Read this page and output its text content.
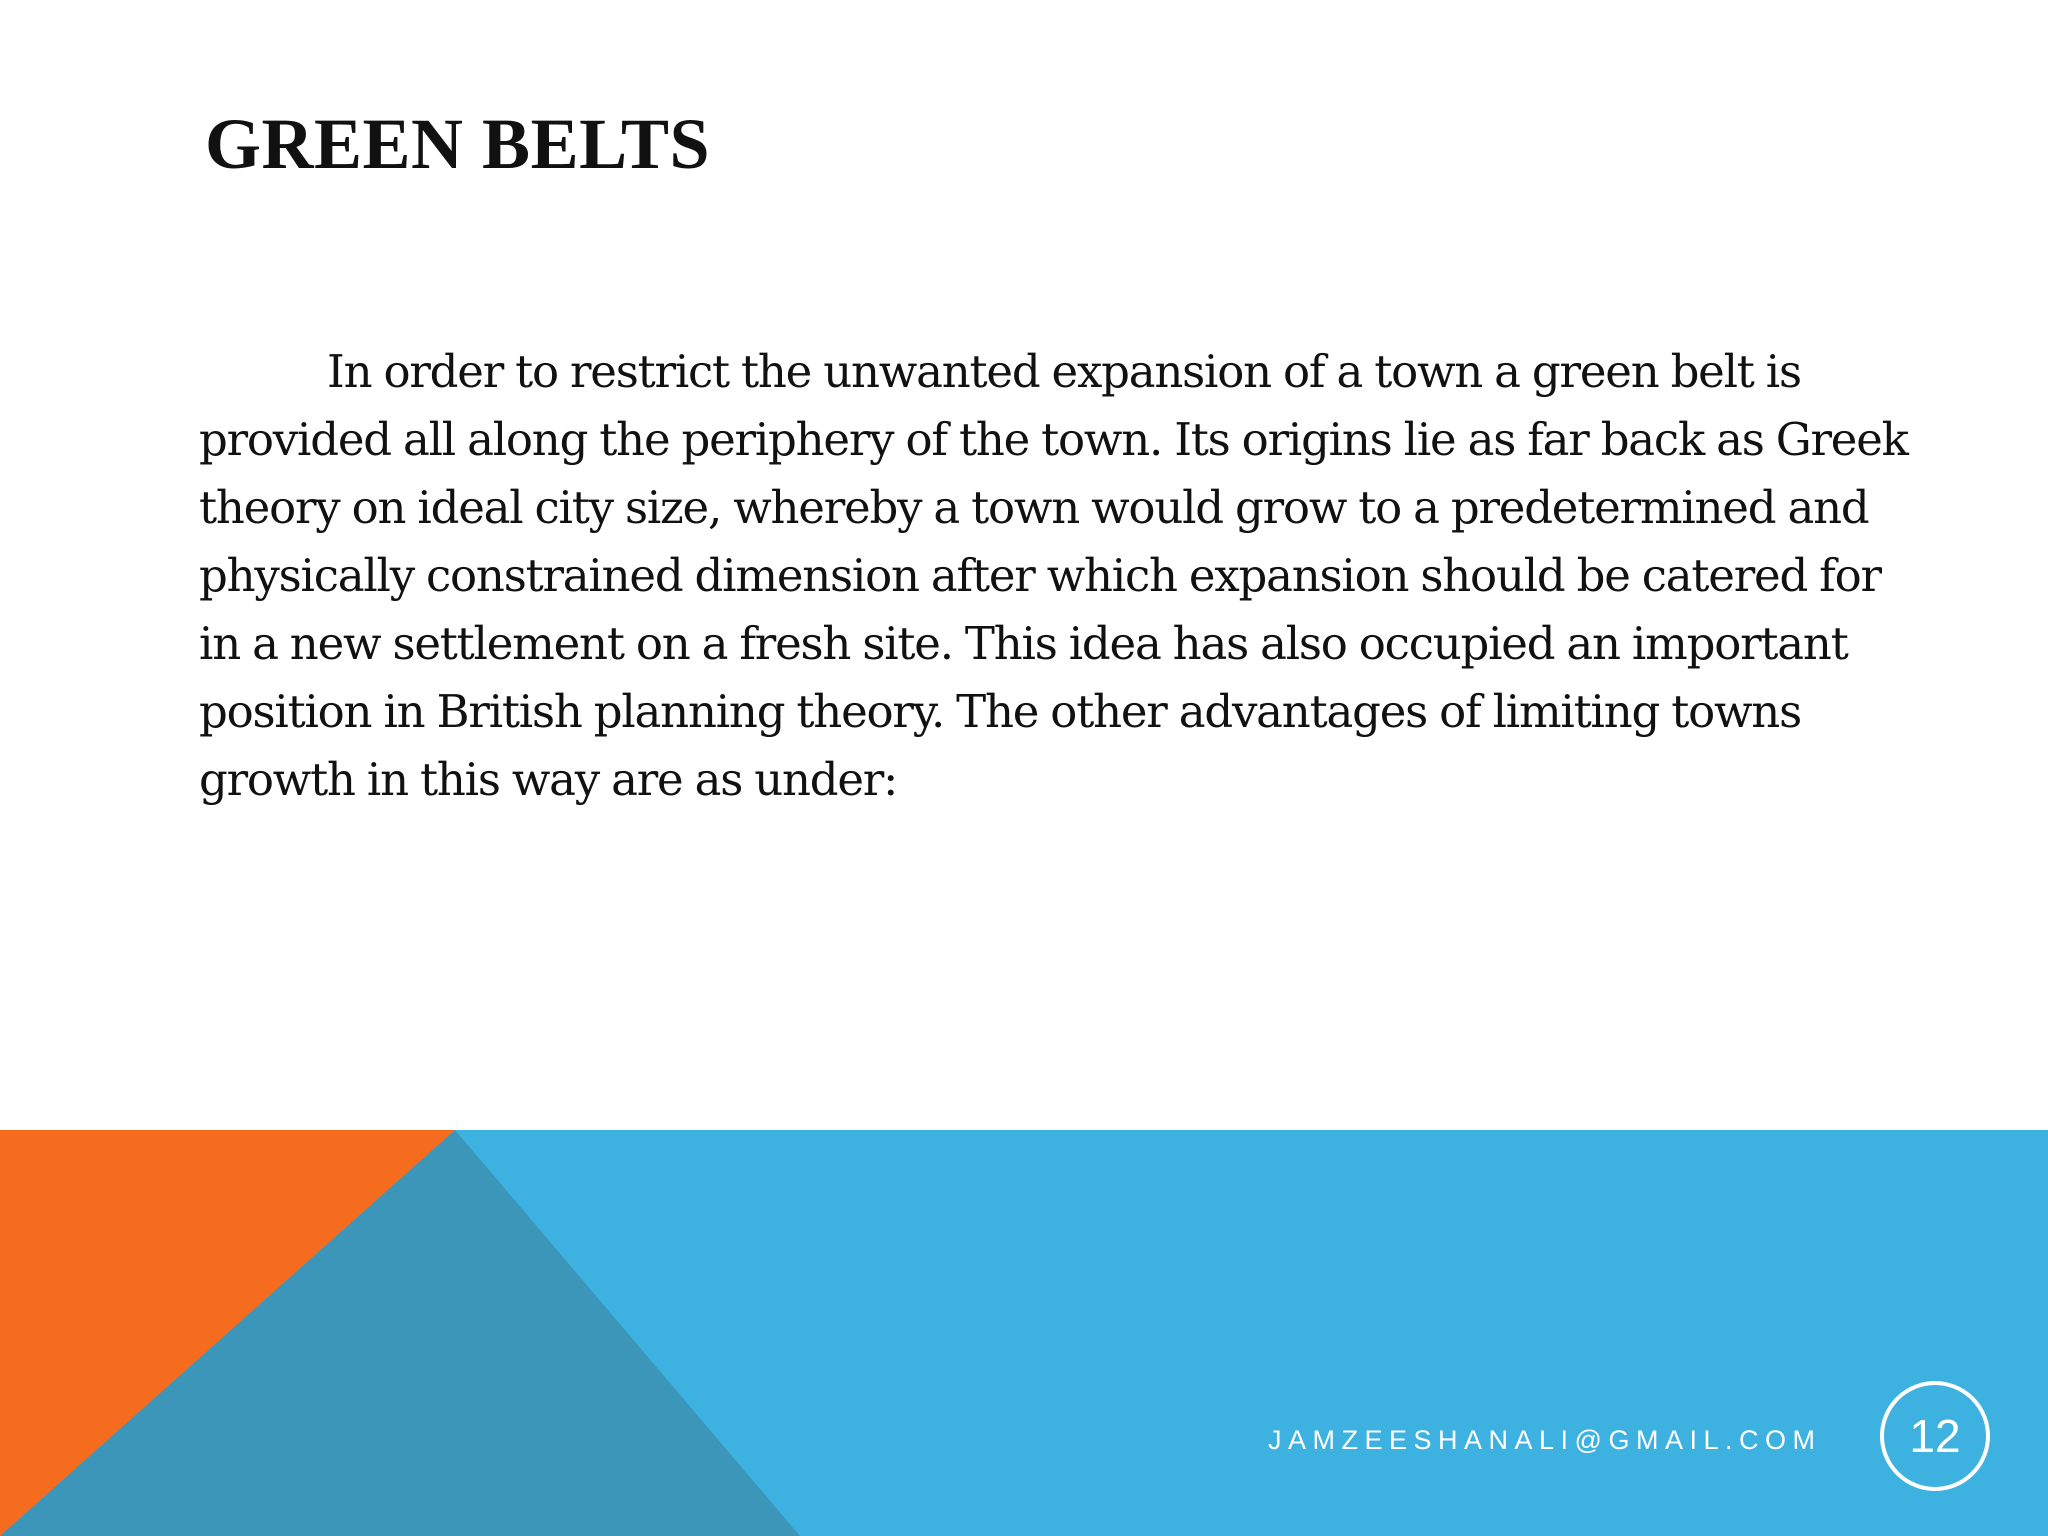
GREEN BELTS

In order to restrict the unwanted expansion of a town a green belt is provided all along the periphery of the town. Its origins lie as far back as Greek theory on ideal city size, whereby a town would grow to a predetermined and physically constrained dimension after which expansion should be catered for in a new settlement on a fresh site. This idea has also occupied an important position in British planning theory. The other advantages of limiting towns growth in this way are as under:

JAMZEESHANALI@GMAIL.COM 12
